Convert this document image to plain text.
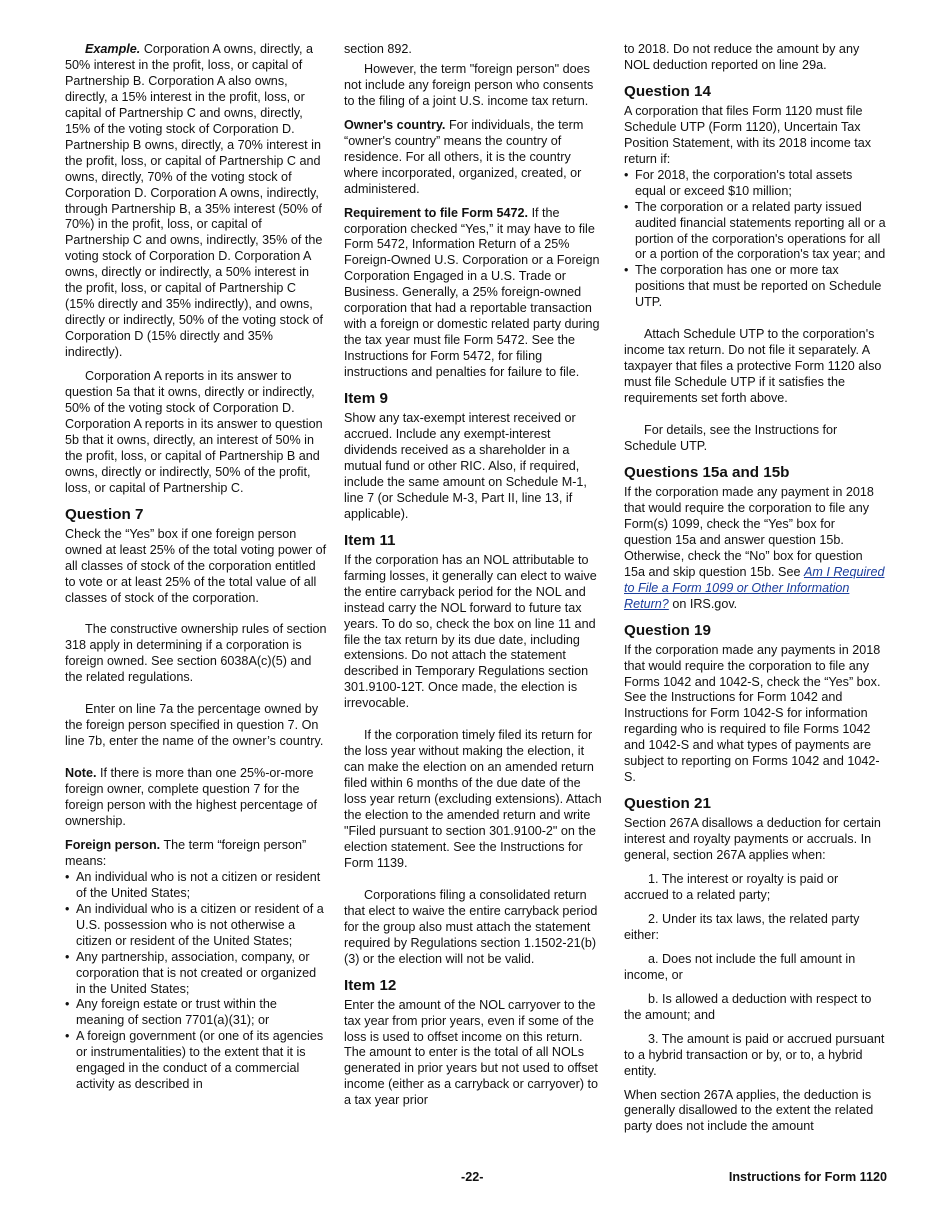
Example. Corporation A owns, directly, a 50% interest in the profit, loss, or capital of Partnership B. Corporation A also owns, directly, a 15% interest in the profit, loss, or capital of Partnership C and owns, directly, 15% of the voting stock of Corporation D. Partnership B owns, directly, a 70% interest in the profit, loss, or capital of Partnership C and owns, directly, 70% of the voting stock of Corporation D. Corporation A owns, indirectly, through Partnership B, a 35% interest (50% of 70%) in the profit, loss, or capital of Partnership C and owns, indirectly, 35% of the voting stock of Corporation D. Corporation A owns, directly or indirectly, a 50% interest in the profit, loss, or capital of Partnership C (15% directly and 35% indirectly), and owns, directly or indirectly, 50% of the voting stock of Corporation D (15% directly and 35% indirectly).

Corporation A reports in its answer to question 5a that it owns, directly or indirectly, 50% of the voting stock of Corporation D. Corporation A reports in its answer to question 5b that it owns, directly, an interest of 50% in the profit, loss, or capital of Partnership B and owns, directly or indirectly, 50% of the profit, loss, or capital of Partnership C.

Question 7

Check the “Yes” box if one foreign person owned at least 25% of the total voting power of all classes of stock of the corporation entitled to vote or at least 25% of the total value of all classes of stock of the corporation.

The constructive ownership rules of section 318 apply in determining if a corporation is foreign owned. See section 6038A(c)(5) and the related regulations.

Enter on line 7a the percentage owned by the foreign person specified in question 7. On line 7b, enter the name of the owner’s country.

Note. If there is more than one 25%-or-more foreign owner, complete question 7 for the foreign person with the highest percentage of ownership.

Foreign person. The term “foreign person” means:

• An individual who is not a citizen or resident of the United States;
• An individual who is a citizen or resident of a U.S. possession who is not otherwise a citizen or resident of the United States;
• Any partnership, association, company, or corporation that is not created or organized in the United States;
• Any foreign estate or trust within the meaning of section 7701(a)(31); or
• A foreign government (or one of its agencies or instrumentalities) to the extent that it is engaged in the conduct of a commercial activity as described in

section 892.

However, the term "foreign person" does not include any foreign person who consents to the filing of a joint U.S. income tax return.

Owner's country. For individuals, the term “owner's country” means the country of residence. For all others, it is the country where incorporated, organized, created, or administered.

Requirement to file Form 5472. If the corporation checked “Yes,” it may have to file Form 5472, Information Return of a 25% Foreign-Owned U.S. Corporation or a Foreign Corporation Engaged in a U.S. Trade or Business. Generally, a 25% foreign-owned corporation that had a reportable transaction with a foreign or domestic related party during the tax year must file Form 5472. See the Instructions for Form 5472, for filing instructions and penalties for failure to file.

Item 9

Show any tax-exempt interest received or accrued. Include any exempt-interest dividends received as a shareholder in a mutual fund or other RIC. Also, if required, include the same amount on Schedule M-1, line 7 (or Schedule M-3, Part II, line 13, if applicable).

Item 11

If the corporation has an NOL attributable to farming losses, it generally can elect to waive the entire carryback period for the NOL and instead carry the NOL forward to future tax years. To do so, check the box on line 11 and file the tax return by its due date, including extensions. Do not attach the statement described in Temporary Regulations section 301.9100-12T. Once made, the election is irrevocable.

If the corporation timely filed its return for the loss year without making the election, it can make the election on an amended return filed within 6 months of the due date of the loss year return (excluding extensions). Attach the election to the amended return and write "Filed pursuant to section 301.9100-2" on the election statement. See the Instructions for Form 1139.

Corporations filing a consolidated return that elect to waive the entire carryback period for the group also must attach the statement required by Regulations section 1.1502-21(b)(3) or the election will not be valid.

Item 12

Enter the amount of the NOL carryover to the tax year from prior years, even if some of the loss is used to offset income on this return. The amount to enter is the total of all NOLs generated in prior years but not used to offset income (either as a carryback or carryover) to a tax year prior

to 2018. Do not reduce the amount by any NOL deduction reported on line 29a.

Question 14

A corporation that files Form 1120 must file Schedule UTP (Form 1120), Uncertain Tax Position Statement, with its 2018 income tax return if:

• For 2018, the corporation's total assets equal or exceed $10 million;
• The corporation or a related party issued audited financial statements reporting all or a portion of the corporation's operations for all or a portion of the corporation's tax year; and
• The corporation has one or more tax positions that must be reported on Schedule UTP.

Attach Schedule UTP to the corporation's income tax return. Do not file it separately. A taxpayer that files a protective Form 1120 also must file Schedule UTP if it satisfies the requirements set forth above.

For details, see the Instructions for Schedule UTP.

Questions 15a and 15b

If the corporation made any payment in 2018 that would require the corporation to file any Form(s) 1099, check the “Yes” box for question 15a and answer question 15b. Otherwise, check the “No” box for question 15a and skip question 15b. See Am I Required to File a Form 1099 or Other Information Return? on IRS.gov.

Question 19

If the corporation made any payments in 2018 that would require the corporation to file any Forms 1042 and 1042-S, check the “Yes” box. See the Instructions for Form 1042 and Instructions for Form 1042-S for information regarding who is required to file Forms 1042 and 1042-S and what types of payments are subject to reporting on Forms 1042 and 1042-S.

Question 21

Section 267A disallows a deduction for certain interest and royalty payments or accruals. In general, section 267A applies when:

1. The interest or royalty is paid or accrued to a related party;

2. Under its tax laws, the related party either:

a. Does not include the full amount in income, or

b. Is allowed a deduction with respect to the amount; and

3. The amount is paid or accrued pursuant to a hybrid transaction or by, or to, a hybrid entity.

When section 267A applies, the deduction is generally disallowed to the extent the related party does not include the amount

-22-	Instructions for Form 1120
